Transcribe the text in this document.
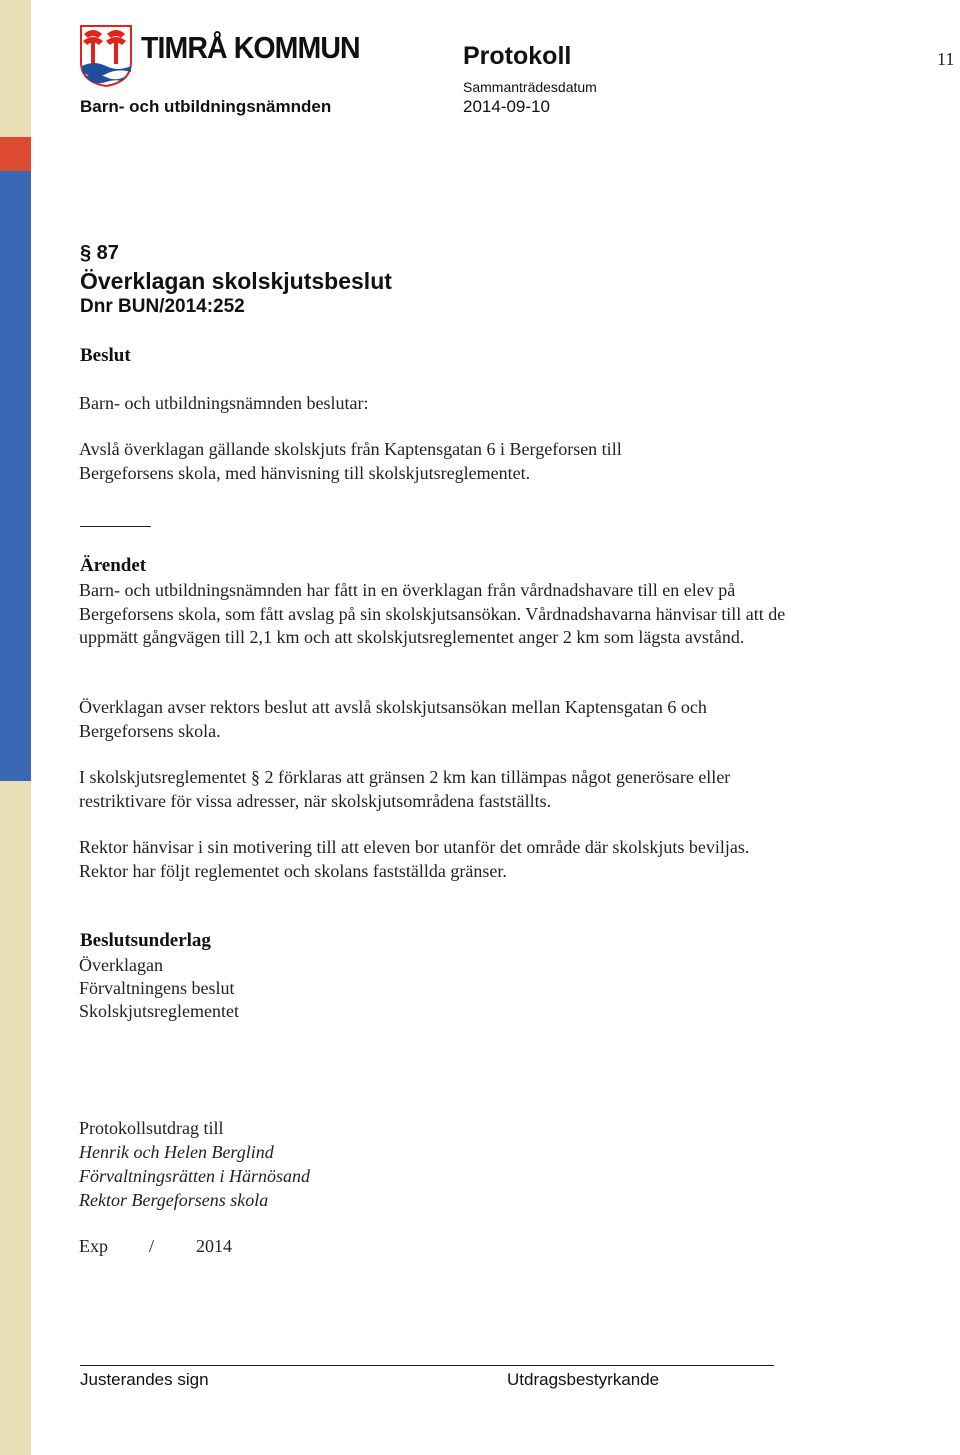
TIMRÅ KOMMUN

Barn- och utbildningsnämnden

Protokoll

Sammanträdesdatum

2014-09-10

11

§ 87

Överklagan skolskjutsbeslut

Dnr BUN/2014:252

Beslut

Barn- och utbildningsnämnden beslutar:

Avslå överklagan gällande skolskjuts från Kaptensgatan 6 i Bergeforsen till Bergeforsens skola, med hänvisning till skolskjutsreglementet.

Ärendet

Barn- och utbildningsnämnden har fått in en överklagan från vårdnadshavare till en elev på Bergeforsens skola, som fått avslag på sin skolskjutsansökan. Vårdnadshavarna hänvisar till att de uppmätt gångvägen till 2,1 km och att skolskjutsreglementet anger 2 km som lägsta avstånd.

Överklagan avser rektors beslut att avslå skolskjutsansökan mellan Kaptensgatan 6 och Bergeforsens skola.

I skolskjutsreglementet § 2 förklaras att gränsen 2 km kan tillämpas något generösare eller restriktivare för vissa adresser, när skolskjutsområdena fastställts.

Rektor hänvisar i sin motivering till att eleven bor utanför det område där skolskjuts beviljas. Rektor har följt reglementet och skolans fastställda gränser.

Beslutsunderlag

Överklagan

Förvaltningens beslut

Skolskjutsreglementet

Protokollsutdrag till

Henrik och Helen Berglind

Förvaltningsrätten i Härnösand

Rektor Bergeforsens skola

Exp	/	2014

Justerandes sign	Utdragsbestyrkande
